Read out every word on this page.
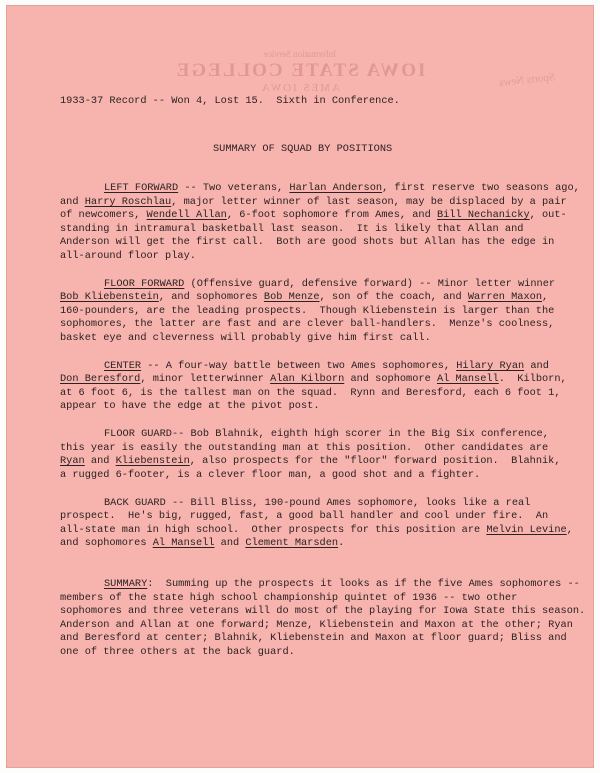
Information Service
IOWA STATE COLLEGE
AMES IOWA	Sports News
1933-37 Record -- Won 4, Lost 15.  Sixth in Conference.
SUMMARY OF SQUAD BY POSITIONS
LEFT FORWARD -- Two veterans, Harlan Anderson, first reserve two seasons ago,
and Harry Roschlau, major letter winner of last season, may be displaced by a pair
of newcomers, Wendell Allan, 6-foot sophomore from Ames, and Bill Nechanicky, out-
standing in intramural basketball last season.  It is likely that Allan and
Anderson will get the first call.  Both are good shots but Allan has the edge in
all-around floor play.
FLOOR FORWARD (Offensive guard, defensive forward) -- Minor letter winner
Bob Kliebenstein, and sophomores Bob Menze, son of the coach, and Warren Maxon,
160-pounders, are the leading prospects.  Though Kliebenstein is larger than the
sophomores, the latter are fast and are clever ball-handlers.  Menze's coolness,
basket eye and cleverness will probably give him first call.
CENTER -- A four-way battle between two Ames sophomores, Hilary Ryan and
Don Beresford, minor letterwinner Alan Kilborn and sophomore Al Mansell.  Kilborn,
at 6 foot 6, is the tallest man on the squad.  Rynn and Beresford, each 6 foot 1,
appear to have the edge at the pivot post.
FLOOR GUARD-- Bob Blahnik, eighth high scorer in the Big Six conference,
this year is easily the outstanding man at this position.  Other candidates are
Ryan and Kliebenstein, also prospects for the "floor" forward position.  Blahnik,
a rugged 6-footer, is a clever floor man, a good shot and a fighter.
BACK GUARD -- Bill Bliss, 190-pound Ames sophomore, looks like a real
prospect.  He's big, rugged, fast, a good ball handler and cool under fire.  An
all-state man in high school.  Other prospects for this position are Melvin Levine,
and sophomores Al Mansell and Clement Marsden.
SUMMARY:  Summing up the prospects it looks as if the five Ames sophomores --
members of the state high school championship quintet of 1936 -- two other
sophomores and three veterans will do most of the playing for Iowa State this season.
Anderson and Allan at one forward; Menze, Kliebenstein and Maxon at the other; Ryan
and Beresford at center; Blahnik, Kliebenstein and Maxon at floor guard; Bliss and
one of three others at the back guard.
